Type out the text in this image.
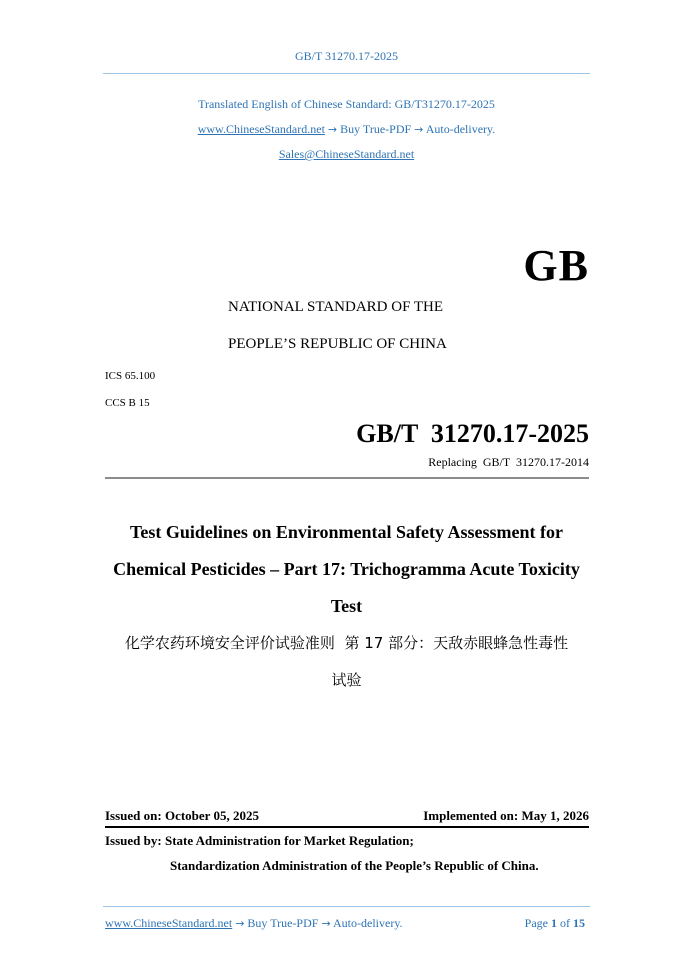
GB/T 31270.17-2025
Translated English of Chinese Standard: GB/T31270.17-2025
www.ChineseStandard.net → Buy True-PDF → Auto-delivery.
Sales@ChineseStandard.net
GB
NATIONAL STANDARD OF THE
PEOPLE’S REPUBLIC OF CHINA
ICS 65.100
CCS B 15
GB/T  31270.17-2025
Replacing  GB/T  31270.17-2014
Test Guidelines on Environmental Safety Assessment for
Chemical Pesticides – Part 17: Trichogramma Acute Toxicity
Test
化学农药环境安全评价试验准则  第 17 部分：天敌赤眼蜂急性毒性
试验
Issued on: October 05, 2025	Implemented on: May 1, 2026
Issued by: State Administration for Market Regulation;
Standardization Administration of the People’s Republic of China.
www.ChineseStandard.net → Buy True-PDF → Auto-delivery.	Page 1 of 15
